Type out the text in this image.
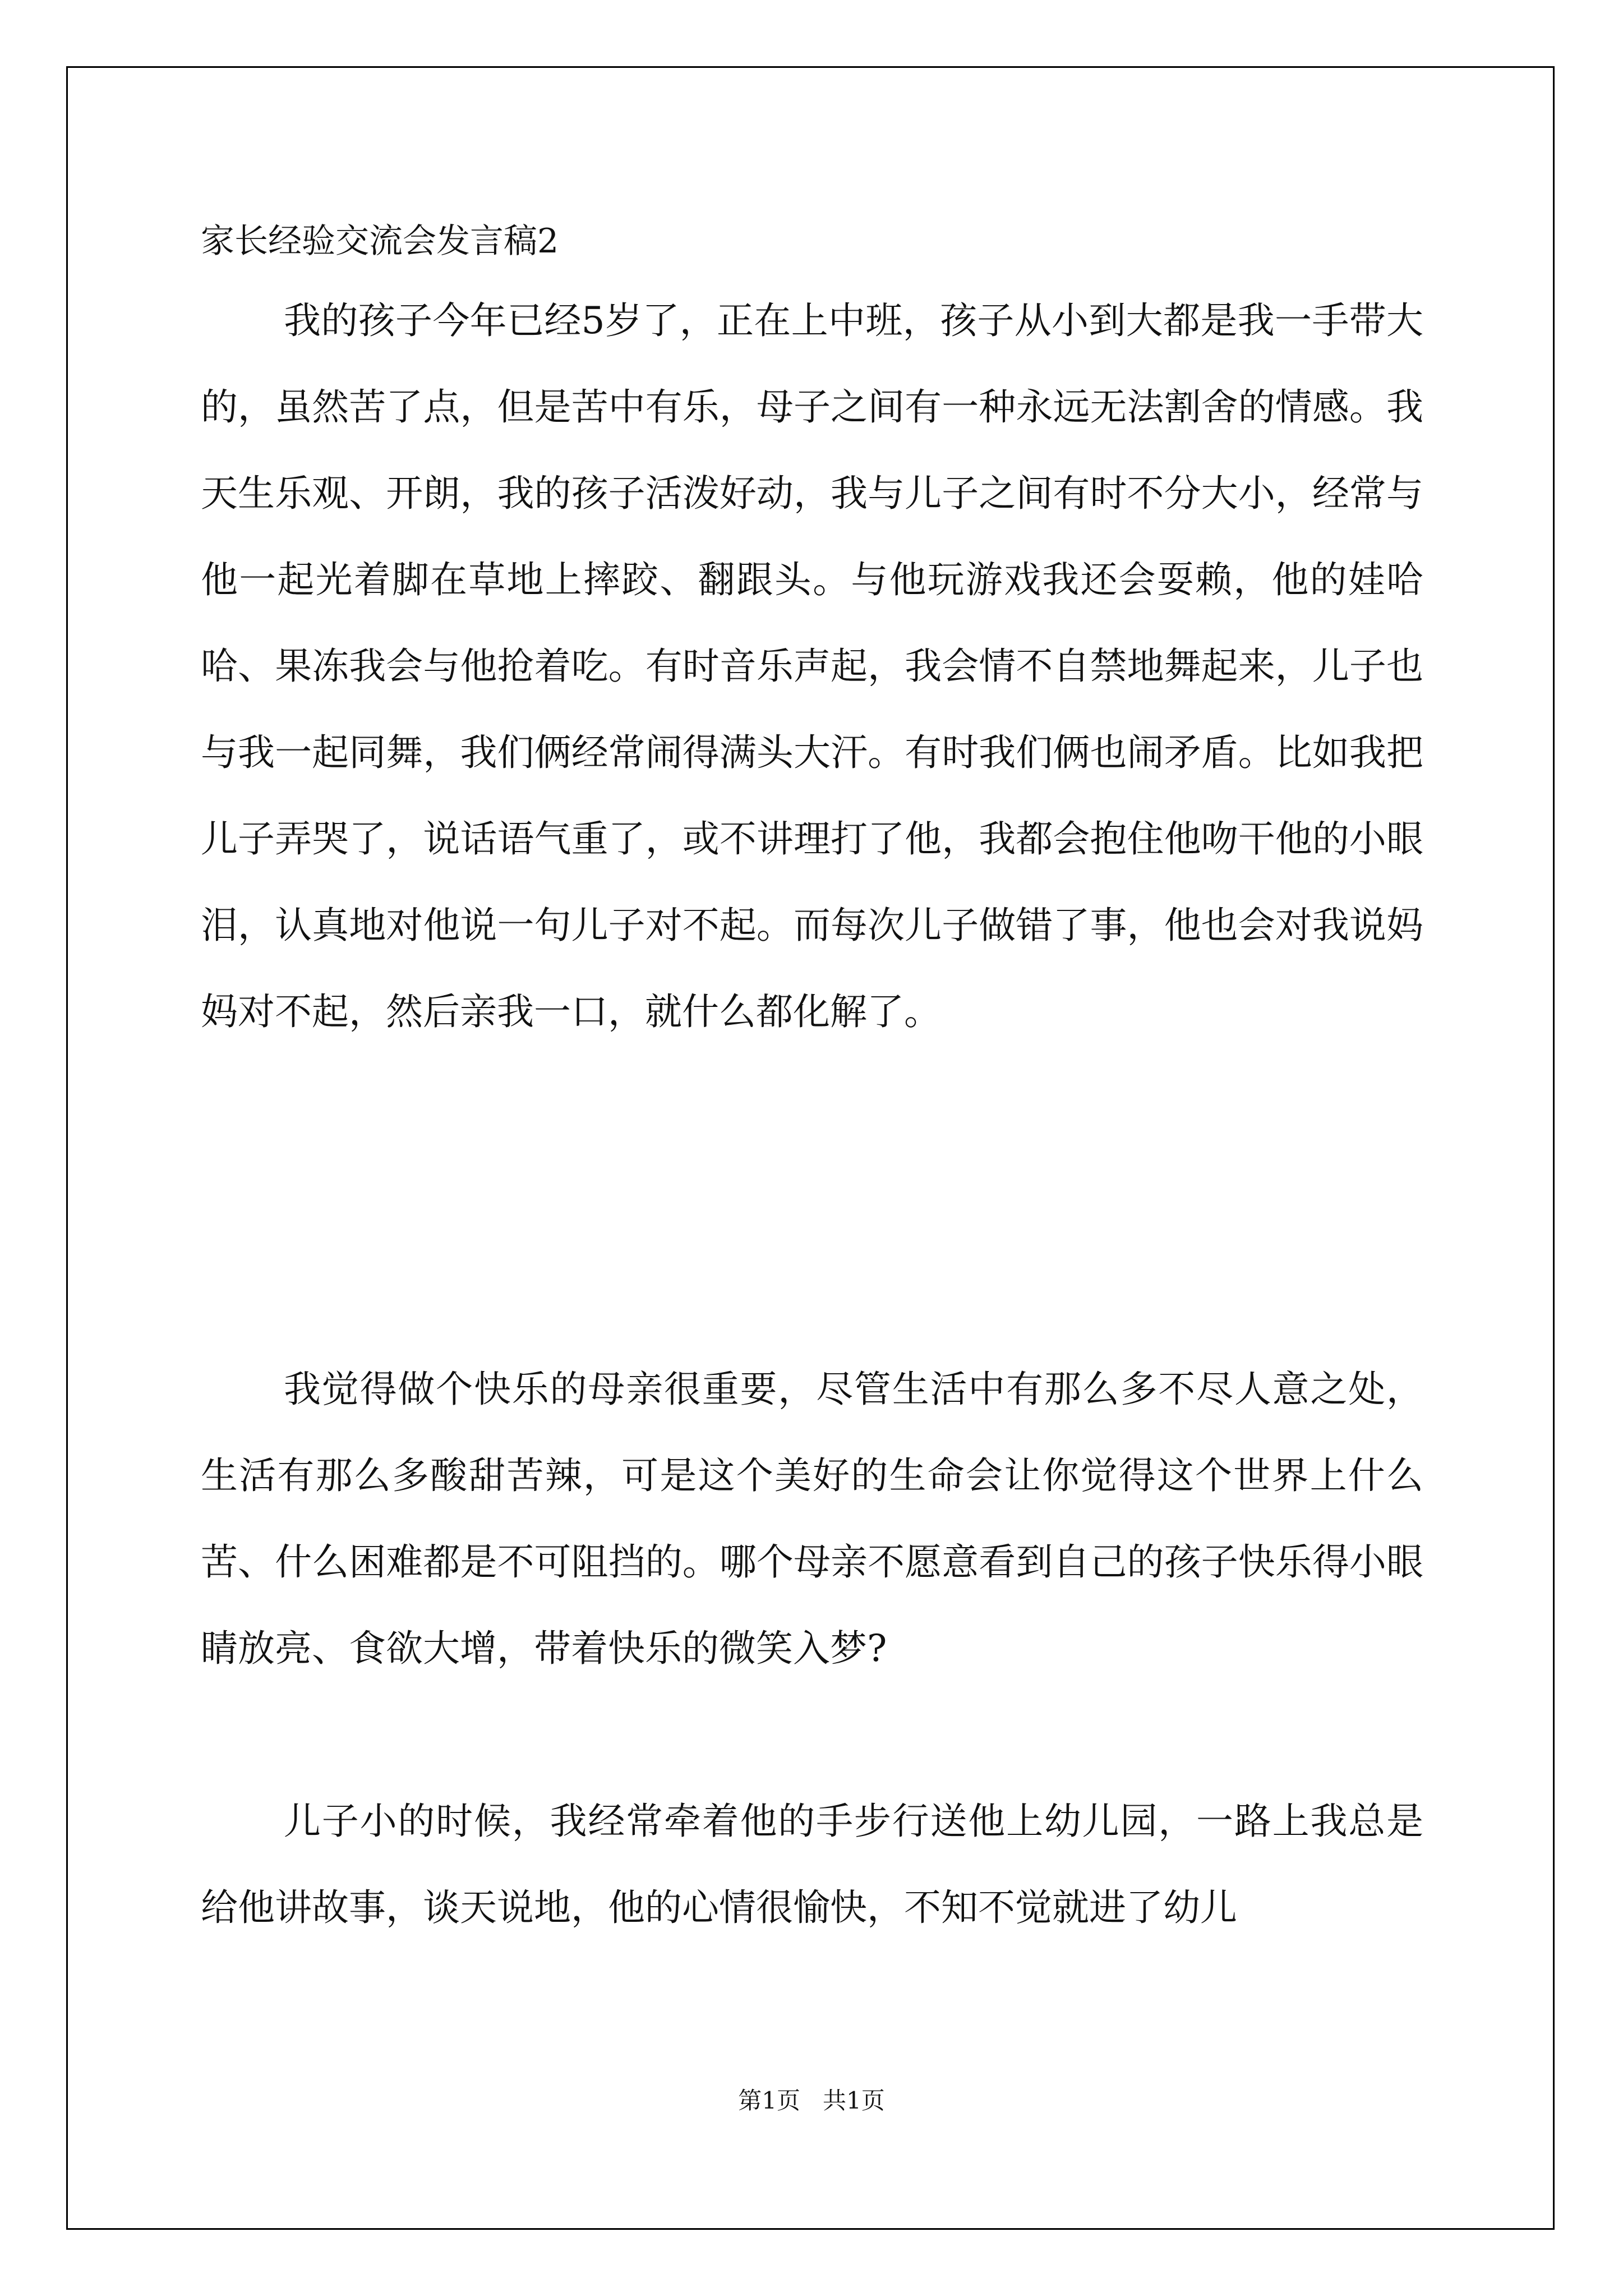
家长经验交流会发言稿2

我的孩子今年已经5岁了，正在上中班，孩子从小到大都是我一手带大的，虽然苦了点，但是苦中有乐，母子之间有一种永远无法割舍的情感。我天生乐观、开朗，我的孩子活泼好动，我与儿子之间有时不分大小，经常与他一起光着脚在草地上摔跤、翻跟头。与他玩游戏我还会耍赖，他的娃哈哈、果冻我会与他抢着吃。有时音乐声起，我会情不自禁地舞起来，儿子也与我一起同舞，我们俩经常闹得满头大汗。有时我们俩也闹矛盾。比如我把儿子弄哭了，说话语气重了，或不讲理打了他，我都会抱住他吻干他的小眼泪，认真地对他说一句儿子对不起。而每次儿子做错了事，他也会对我说妈妈对不起，然后亲我一口，就什么都化解了。

我觉得做个快乐的母亲很重要，尽管生活中有那么多不尽人意之处，生活有那么多酸甜苦辣，可是这个美好的生命会让你觉得这个世界上什么苦、什么困难都是不可阻挡的。哪个母亲不愿意看到自己的孩子快乐得小眼睛放亮、食欲大增，带着快乐的微笑入梦?

儿子小的时候，我经常牵着他的手步行送他上幼儿园，一路上我总是给他讲故事，谈天说地，他的心情很愉快，不知不觉就进了幼儿

第1页   共1页
